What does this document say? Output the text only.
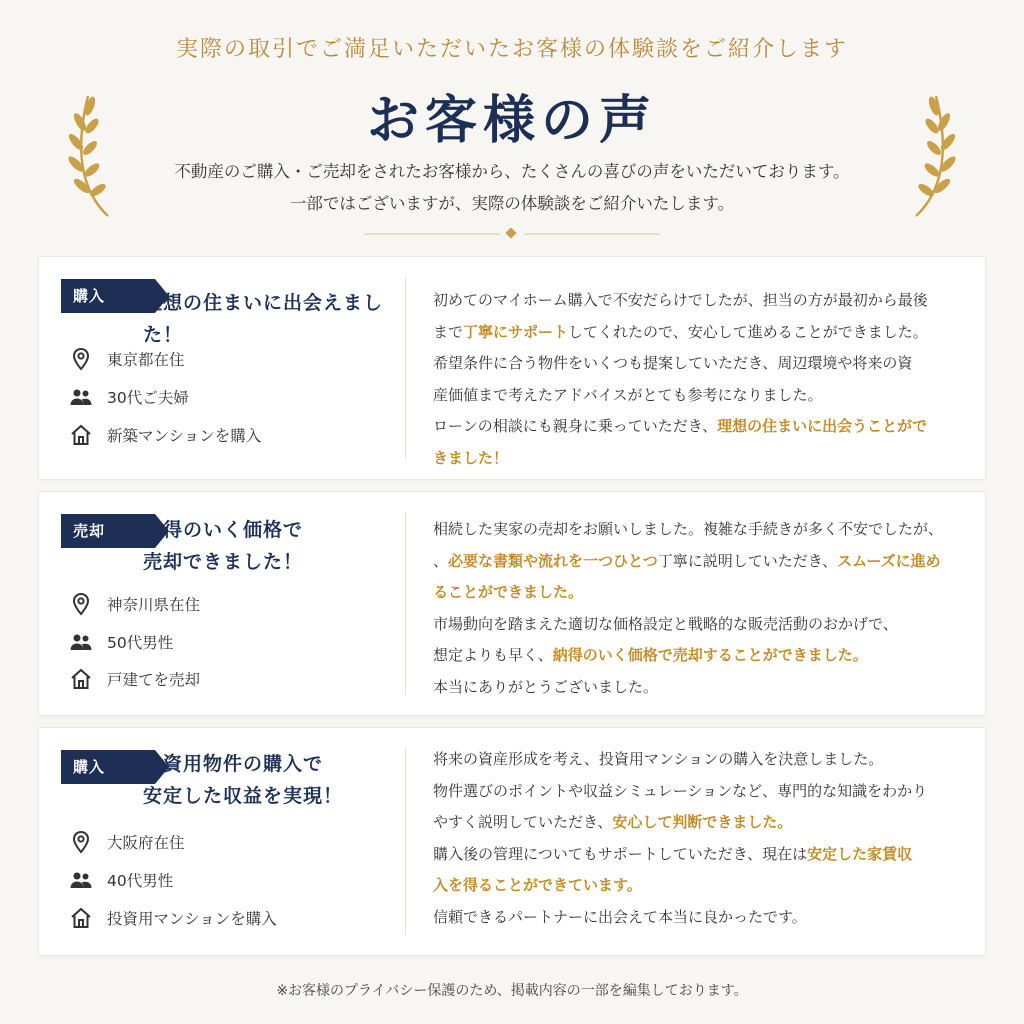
実際の取引でご満足いただいたお客様の体験談をご紹介します
お客様の声
不動産のご購入・ご売却をされたお客様から、たくさんの喜びの声をいただいております。
一部ではございますが、実際の体験談をご紹介いたします。
購入 理想の住まいに出会えました！
東京都在住
30代ご夫婦
新築マンションを購入
初めてのマイホーム購入で不安だらけでしたが、担当の方が最初から最後
まで丁寧にサポートしてくれたので、安心して進めることができました。
希望条件に合う物件をいくつも提案していただき、周辺環境や将来の資
産価値まで考えたアドバイスがとても参考になりました。
ローンの相談にも親身に乗っていただき、理想の住まいに出会うことがで
きました！
売却 納得のいく価格で
売却できました！
神奈川県在住
50代男性
戸建てを売却
相続した実家の売却をお願いしました。複雑な手続きが多く不安でしたが、
、必要な書類や流れを一つひとつ丁寧に説明していただき、スムーズに進め
ることができました。
市場動向を踏まえた適切な価格設定と戦略的な販売活動のおかげで、
想定よりも早く、納得のいく価格で売却することができました。
本当にありがとうございました。
購入 投資用物件の購入で
安定した収益を実現！
大阪府在住
40代男性
投資用マンションを購入
将来の資産形成を考え、投資用マンションの購入を決意しました。
物件選びのポイントや収益シミュレーションなど、専門的な知識をわかり
やすく説明していただき、安心して判断できました。
購入後の管理についてもサポートしていただき、現在は安定した家賃収
入を得ることができています。
信頼できるパートナーに出会えて本当に良かったです。
※お客様のプライバシー保護のため、掲載内容の一部を編集しております。
